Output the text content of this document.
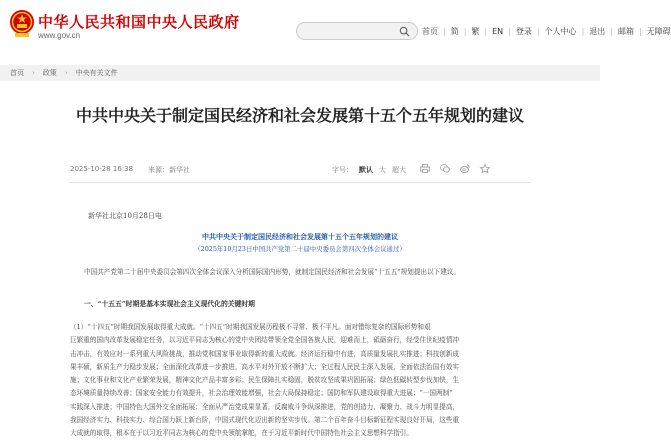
中华人民共和国中央人民政府
www.gov.cn	首页 | 简 | 繁 | EN | 登录 | 个人中心 | 退出 | 邮箱 | 无障碍
首页 › 政策 › 中央有关文件
中共中央关于制定国民经济和社会发展第十五个五年规划的建议
2025-10-28 16:38 来源：新华社	字号： 默认 大 超大
新华社北京10月28日电
中共中央关于制定国民经济和社会发展第十五个五年规划的建议
（2025年10月23日中国共产党第二十届中央委员会第四次全体会议通过）

中国共产党第二十届中央委员会第四次全体会议深入分析国际国内形势，就制定国民经济和社会发展“十五五”规划提出以下建议。

一、“十五五”时期是基本实现社会主义现代化的关键时期

（1）“十四五”时期我国发展取得重大成就。“十四五”时期我国发展历程极不寻常、极不平凡。面对错综复杂的国际形势和艰

巨繁重的国内改革发展稳定任务，以习近平同志为核心的党中央团结带领全党全国各族人民，迎难而上，砥砺奋行，经受住世纪疫情冲

击冲击，有效应对一系列重大风险挑战，推动党和国家事业取得新的重大成就。经济运行稳中有进，高质量发展扎实推进；科技创新成

果丰硕，新质生产力稳步发展；全面深化改革进一步推进，高水平对外开放不断扩大；全过程人民民主深入发展，全面依法治国有效实

施；文化事业和文化产业繁荣发展，精神文化产品丰富多彩；民生保障扎实稳固，脱贫攻坚成果巩固拓展；绿色低碳转型步伐加快，生

态环境质量持续改善；国家安全能力有效提升，社会治理效能增强，社会大局保持稳定；国防和军队建设取得重大进展；“一国两制”

实践深入推进；中国特色大国外交全面拓展；全面从严治党成果显著，反腐败斗争纵深推进，党的创造力、凝聚力、战斗力明显提高，

我国经济实力、科技实力、综合国力跃上新台阶，中国式现代化迈出新的坚实步伐。第二个百年奋斗目标新征程实现良好开局，这些重

大成就的取得，根本在于以习近平同志为核心的党中央领航掌舵，在于习近平新时代中国特色社会主义思想科学指引。
